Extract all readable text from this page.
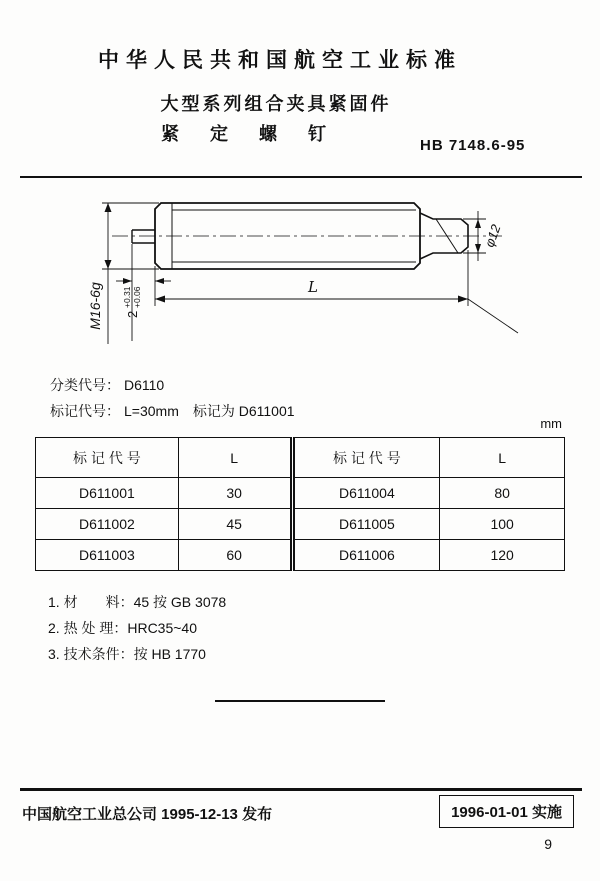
中华人民共和国航空工业标准
大型系列组合夹具紧固件
紧 定 螺 钉
HB 7148.6-95
M16-6g 2
+0.31 +0.06	L
φ12
分类代号： D6110
标记代号： L=30mm　标记为 D611001
mm
标 记 代 号	L	标 记 代 号	L
D611001	30	D611004	80
D611002	45	D611005	100
D611003	60	D611006	120
1. 材　　料：45 按 GB 3078
2. 热 处 理：HRC35~40
3. 技术条件：按 HB 1770
中国航空工业总公司 1995-12-13 发布	1996-01-01 实施
9
